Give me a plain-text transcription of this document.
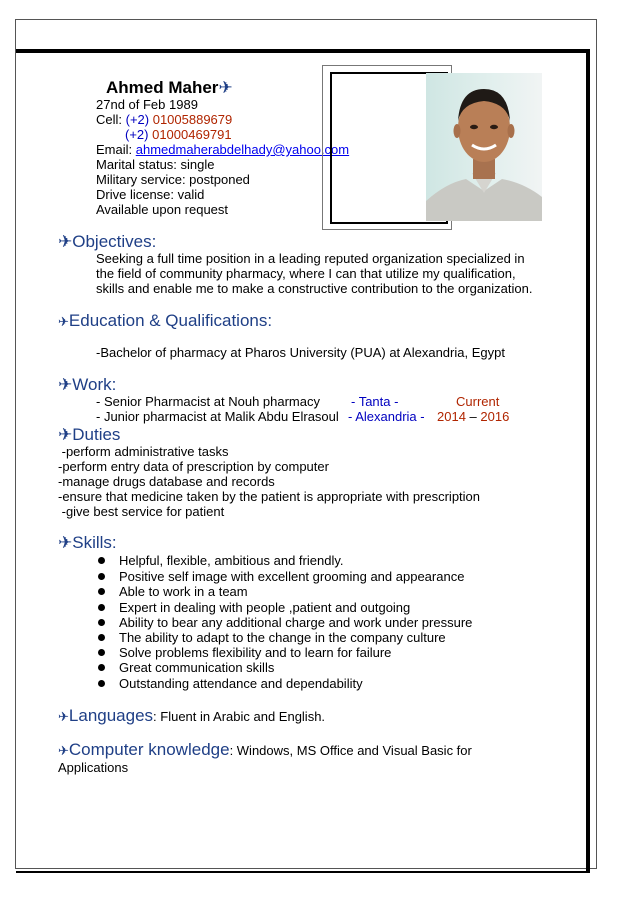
Ahmed Maher✈
27nd of Feb 1989
Cell: (+2) 01005889679
(+2) 01000469791
Email: ahmedmaherabdelhady@yahoo.com
Marital status: single
Military service: postponed
Drive license: valid
Available upon request
✈Objectives:
Seeking a full time position in a leading reputed organization specialized in
the field of community pharmacy, where I can that utilize my qualification,
skills and enable me to make a constructive contribution to the organization.
✈Education & Qualifications:
-Bachelor of pharmacy at Pharos University (PUA) at Alexandria, Egypt
✈Work:
- Senior Pharmacist at Nouh pharmacy - Tanta -	Current
- Junior pharmacist at Malik Abdu Elrasoul - Alexandria - 2014 – 2016
✈Duties
-perform administrative tasks
-perform entry data of prescription by computer
-manage drugs database and records
-ensure that medicine taken by the patient is appropriate with prescription
-give best service for patient
✈Skills:
Helpful, flexible, ambitious and friendly.
Positive self image with excellent grooming and appearance
Able to work in a team
Expert in dealing with people ,patient and outgoing
Ability to bear any additional charge and work under pressure
The ability to adapt to the change in the company culture
Solve problems flexibility and to learn for failure
Great communication skills
Outstanding attendance and dependability
✈Languages: Fluent in Arabic and English.
✈Computer knowledge: Windows, MS Office and Visual Basic for
Applications
